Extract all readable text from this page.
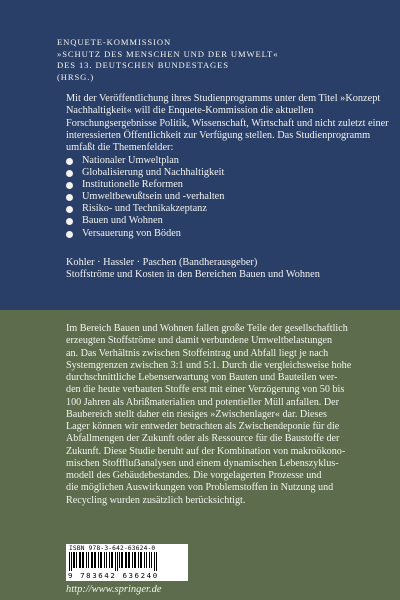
ENQUETE-KOMMISSION
»SCHUTZ DES MENSCHEN UND DER UMWELT«
DES 13. DEUTSCHEN BUNDESTAGES
(HRSG.)
Mit der Veröffentlichung ihres Studienprogramms unter dem Titel »Konzept Nachhaltigkeit« will die Enquete-Kommission die aktuellen Forschungsergebnisse Politik, Wissenschaft, Wirtschaft und nicht zuletzt einer interessierten Öffentlichkeit zur Verfügung stellen. Das Studienprogramm umfaßt die Themenfelder:
Nationaler Umweltplan
Globalisierung und Nachhaltigkeit
Institutionelle Reformen
Umweltbewußtsein und -verhalten
Risiko- und Technikakzeptanz
Bauen und Wohnen
Versauerung von Böden
Kohler · Hassler · Paschen (Bandherausgeber)
Stoffströme und Kosten in den Bereichen Bauen und Wohnen
Im Bereich Bauen und Wohnen fallen große Teile der gesellschaftlich
erzeugten Stoffströme und damit verbundene Umweltbelastungen
an. Das Verhältnis zwischen Stoffeintrag und Abfall liegt je nach
Systemgrenzen zwischen 3:1 und 5:1. Durch die vergleichsweise hohe
durchschnittliche Lebenserwartung von Bauten und Bauteilen wer-
den die heute verbauten Stoffe erst mit einer Verzögerung von 50 bis
100 Jahren als Abrißmaterialien und potentieller Müll anfallen. Der
Baubereich stellt daher ein riesiges »Zwischenlager« dar. Dieses
Lager können wir entweder betrachten als Zwischendeponie für die
Abfallmengen der Zukunft oder als Ressource für die Baustoffe der
Zukunft. Diese Studie beruht auf der Kombination von makroökono-
mischen Stofffluẞanalysen und einem dynamischen Lebenszyklus-
modell des Gebäudebestandes. Die vorgelagerten Prozesse und
die möglichen Auswirkungen von Problemstoffen in Nutzung und
Recycling wurden zusätzlich berücksichtigt.
ISBN 978-3-642-63624-0
9 783642 636240
http://www.springer.de
